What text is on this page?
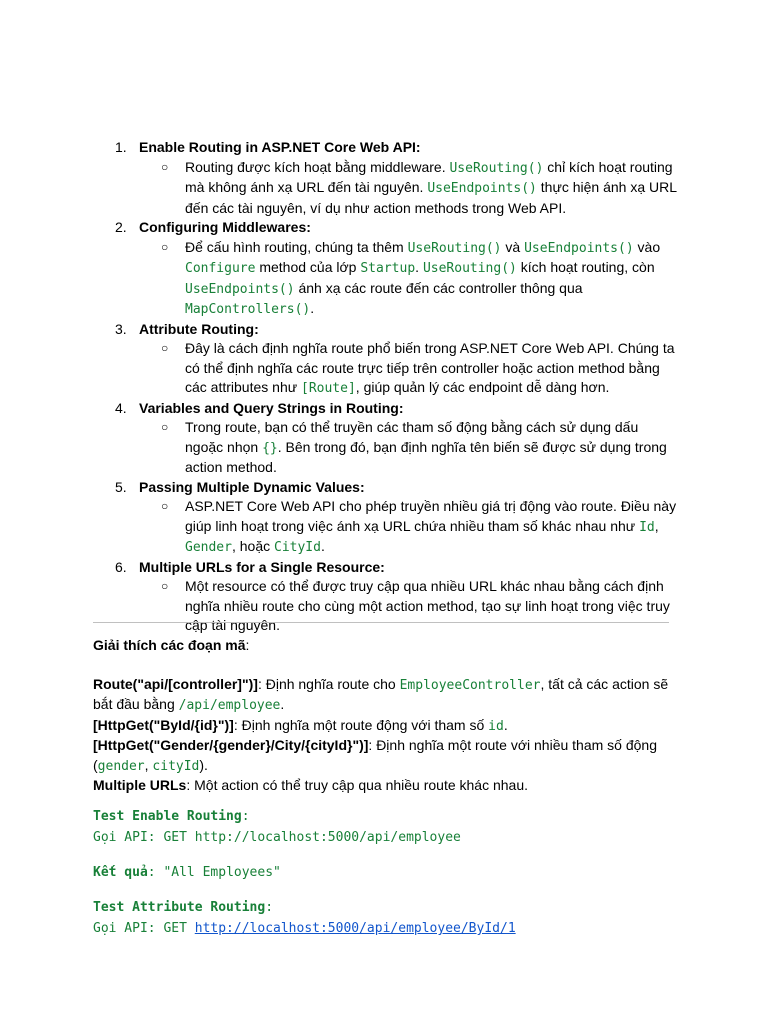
1. Enable Routing in ASP.NET Core Web API:
○ Routing được kích hoạt bằng middleware. UseRouting() chỉ kích hoạt routing mà không ánh xạ URL đến tài nguyên. UseEndpoints() thực hiện ánh xạ URL đến các tài nguyên, ví dụ như action methods trong Web API.
2. Configuring Middlewares:
○ Để cấu hình routing, chúng ta thêm UseRouting() và UseEndpoints() vào Configure method của lớp Startup. UseRouting() kích hoạt routing, còn UseEndpoints() ánh xạ các route đến các controller thông qua MapControllers().
3. Attribute Routing:
○ Đây là cách định nghĩa route phổ biến trong ASP.NET Core Web API. Chúng ta có thể định nghĩa các route trực tiếp trên controller hoặc action method bằng các attributes như [Route], giúp quản lý các endpoint dễ dàng hơn.
4. Variables and Query Strings in Routing:
○ Trong route, bạn có thể truyền các tham số động bằng cách sử dụng dấu ngoặc nhọn {}. Bên trong đó, bạn định nghĩa tên biến sẽ được sử dụng trong action method.
5. Passing Multiple Dynamic Values:
○ ASP.NET Core Web API cho phép truyền nhiều giá trị động vào route. Điều này giúp linh hoạt trong việc ánh xạ URL chứa nhiều tham số khác nhau như Id, Gender, hoặc CityId.
6. Multiple URLs for a Single Resource:
○ Một resource có thể được truy cập qua nhiều URL khác nhau bằng cách định nghĩa nhiều route cho cùng một action method, tạo sự linh hoạt trong việc truy cập tài nguyên.

Giải thích các đoạn mã:

Route("api/[controller]")]: Định nghĩa route cho EmployeeController, tất cả các action sẽ bắt đầu bằng /api/employee.

[HttpGet("ById/{id}")]: Định nghĩa một route động với tham số id.

[HttpGet("Gender/{gender}/City/{cityId}")]: Định nghĩa một route với nhiều tham số động (gender, cityId).

Multiple URLs: Một action có thể truy cập qua nhiều route khác nhau.

Test Enable Routing:

Gọi API: GET http://localhost:5000/api/employee

Kết quả: "All Employees"

Test Attribute Routing:

Gọi API: GET http://localhost:5000/api/employee/ById/1
